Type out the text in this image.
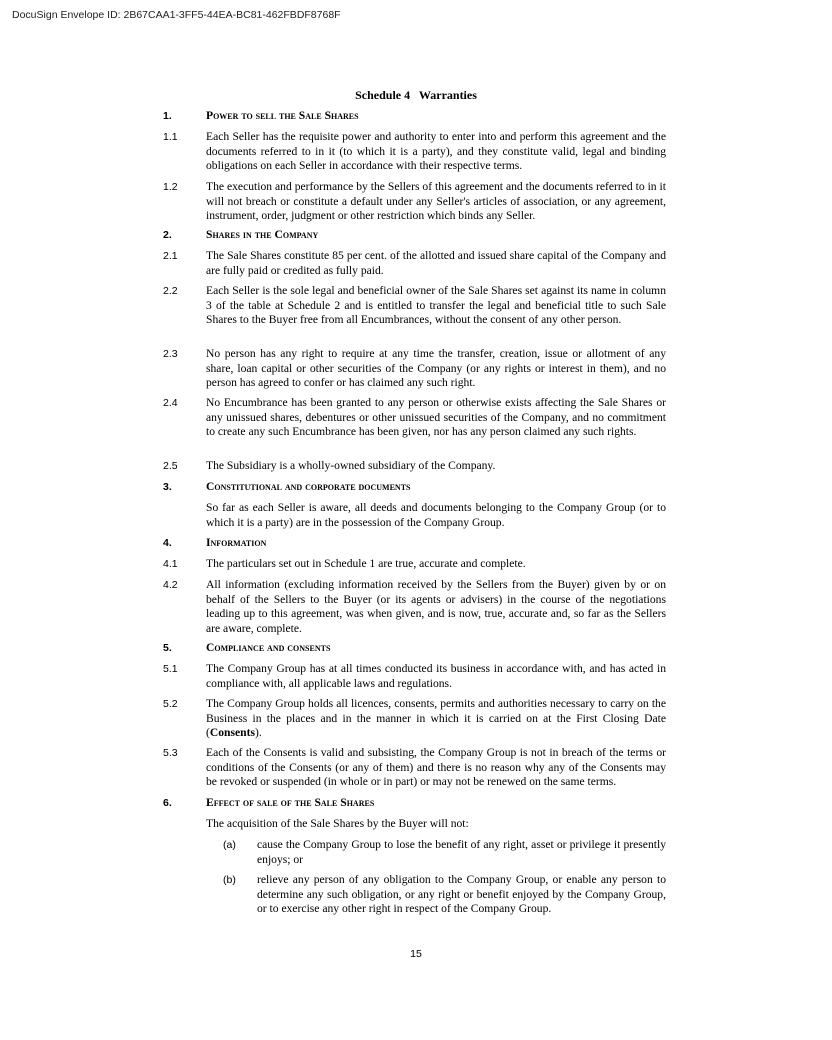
DocuSign Envelope ID: 2B67CAA1-3FF5-44EA-BC81-462FBDF8768F
Schedule 4   Warranties
1.	Power to sell the Sale Shares
1.1 Each Seller has the requisite power and authority to enter into and perform this agreement and the documents referred to in it (to which it is a party), and they constitute valid, legal and binding obligations on each Seller in accordance with their respective terms.
1.2 The execution and performance by the Sellers of this agreement and the documents referred to in it will not breach or constitute a default under any Seller's articles of association, or any agreement, instrument, order, judgment or other restriction which binds any Seller.
2.	Shares in the Company
2.1 The Sale Shares constitute 85 per cent. of the allotted and issued share capital of the Company and are fully paid or credited as fully paid.
2.2 Each Seller is the sole legal and beneficial owner of the Sale Shares set against its name in column 3 of the table at Schedule 2 and is entitled to transfer the legal and beneficial title to such Sale Shares to the Buyer free from all Encumbrances, without the consent of any other person.
2.3 No person has any right to require at any time the transfer, creation, issue or allotment of any share, loan capital or other securities of the Company (or any rights or interest in them), and no person has agreed to confer or has claimed any such right.
2.4 No Encumbrance has been granted to any person or otherwise exists affecting the Sale Shares or any unissued shares, debentures or other unissued securities of the Company, and no commitment to create any such Encumbrance has been given, nor has any person claimed any such rights.
2.5 The Subsidiary is a wholly-owned subsidiary of the Company.
3.	Constitutional and corporate documents
So far as each Seller is aware, all deeds and documents belonging to the Company Group (or to which it is a party) are in the possession of the Company Group.
4.	Information
4.1 The particulars set out in Schedule 1 are true, accurate and complete.
4.2 All information (excluding information received by the Sellers from the Buyer) given by or on behalf of the Sellers to the Buyer (or its agents or advisers) in the course of the negotiations leading up to this agreement, was when given, and is now, true, accurate and, so far as the Sellers are aware, complete.
5.	Compliance and consents
5.1 The Company Group has at all times conducted its business in accordance with, and has acted in compliance with, all applicable laws and regulations.
5.2 The Company Group holds all licences, consents, permits and authorities necessary to carry on the Business in the places and in the manner in which it is carried on at the First Closing Date (Consents).
5.3 Each of the Consents is valid and subsisting, the Company Group is not in breach of the terms or conditions of the Consents (or any of them) and there is no reason why any of the Consents may be revoked or suspended (in whole or in part) or may not be renewed on the same terms.
6.	Effect of sale of the Sale Shares
The acquisition of the Sale Shares by the Buyer will not:
(a) cause the Company Group to lose the benefit of any right, asset or privilege it presently enjoys; or
(b) relieve any person of any obligation to the Company Group, or enable any person to determine any such obligation, or any right or benefit enjoyed by the Company Group, or to exercise any other right in respect of the Company Group.
15
